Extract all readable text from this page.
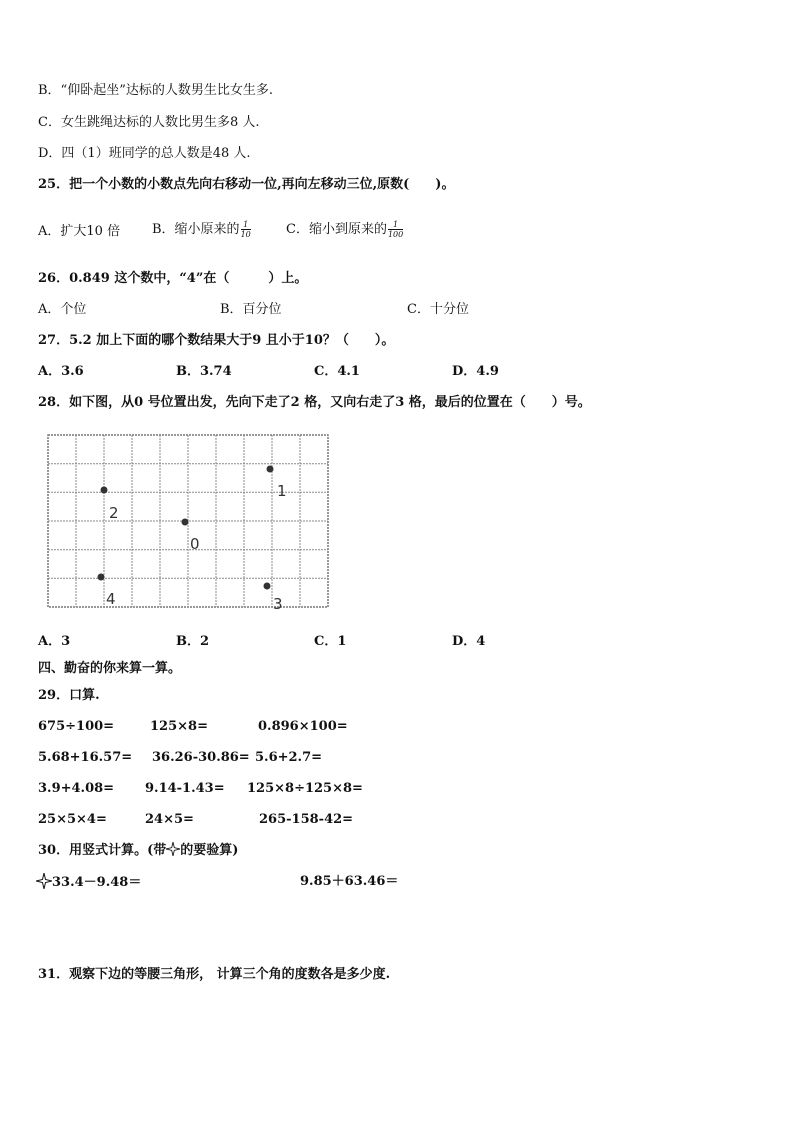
B．“仰卧起坐”达标的人数男生比女生多.
C．女生跳绳达标的人数比男生多8 人.
D．四（1）班同学的总人数是48 人.
25．把一个小数的小数点先向右移动一位,再向左移动三位,原数(　　)。
A．扩大10 倍 B．缩小原来的 $\frac{1}{10}$	C．缩小到原来的 $\frac{1}{100}$
26．0.849 这个数中，“4”在（　　　）上。
A．个位	B．百分位	C．十分位
27．5.2 加上下面的哪个数结果大于9 且小于10？（　　）。
A．3.6	B．3.74	C．4.1	D．4.9
28．如下图，从0 号位置出发，先向下走了2 格，又向右走了3 格，最后的位置在（　　）号。
1
2
0
4	3
A．3	B．2	C．1	D．4
四、勤奋的你来算一算。
29．口算.
675÷100=	125×8=	0.896×100=
5.68+16.57= 36.26-30.86= 5.6+2.7=
3.9+4.08= 9.14-1.43= 125×8÷125×8=
25×5×4=	24×5=	265-158-42=
30．用竖式计算。(带 的要验算)
33.4－9.48＝	9.85＋63.46＝
31．观察下边的等腰三角形， 计算三个角的度数各是多少度.
